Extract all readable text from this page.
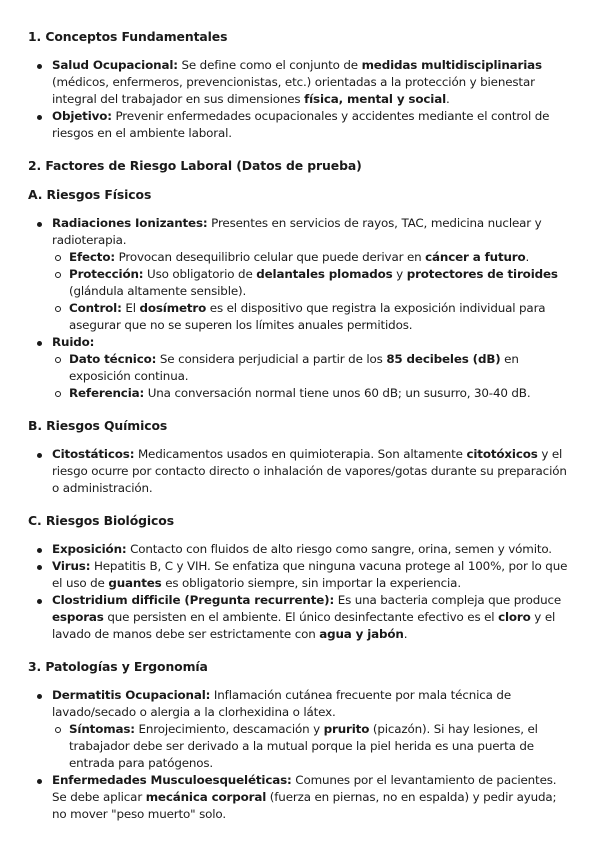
1. Conceptos Fundamentales
Salud Ocupacional: Se define como el conjunto de medidas multidisciplinarias (médicos, enfermeros, prevencionistas, etc.) orientadas a la protección y bienestar integral del trabajador en sus dimensiones física, mental y social.
Objetivo: Prevenir enfermedades ocupacionales y accidentes mediante el control de riesgos en el ambiente laboral.
2. Factores de Riesgo Laboral (Datos de prueba)
A. Riesgos Físicos
Radiaciones Ionizantes: Presentes en servicios de rayos, TAC, medicina nuclear y radioterapia.
Efecto: Provocan desequilibrio celular que puede derivar en cáncer a futuro.
Protección: Uso obligatorio de delantales plomados y protectores de tiroides (glándula altamente sensible).
Control: El dosímetro es el dispositivo que registra la exposición individual para asegurar que no se superen los límites anuales permitidos.
Ruido:
Dato técnico: Se considera perjudicial a partir de los 85 decibeles (dB) en exposición continua.
Referencia: Una conversación normal tiene unos 60 dB; un susurro, 30-40 dB.
B. Riesgos Químicos
Citostáticos: Medicamentos usados en quimioterapia. Son altamente citotóxicos y el riesgo ocurre por contacto directo o inhalación de vapores/gotas durante su preparación o administración.
C. Riesgos Biológicos
Exposición: Contacto con fluidos de alto riesgo como sangre, orina, semen y vómito.
Virus: Hepatitis B, C y VIH. Se enfatiza que ninguna vacuna protege al 100%, por lo que el uso de guantes es obligatorio siempre, sin importar la experiencia.
Clostridium difficile (Pregunta recurrente): Es una bacteria compleja que produce esporas que persisten en el ambiente. El único desinfectante efectivo es el cloro y el lavado de manos debe ser estrictamente con agua y jabón.
3. Patologías y Ergonomía
Dermatitis Ocupacional: Inflamación cutánea frecuente por mala técnica de lavado/secado o alergia a la clorhexidina o látex.
Síntomas: Enrojecimiento, descamación y prurito (picazón). Si hay lesiones, el trabajador debe ser derivado a la mutual porque la piel herida es una puerta de entrada para patógenos.
Enfermedades Musculoesqueléticas: Comunes por el levantamiento de pacientes. Se debe aplicar mecánica corporal (fuerza en piernas, no en espalda) y pedir ayuda; no mover "peso muerto" solo.
